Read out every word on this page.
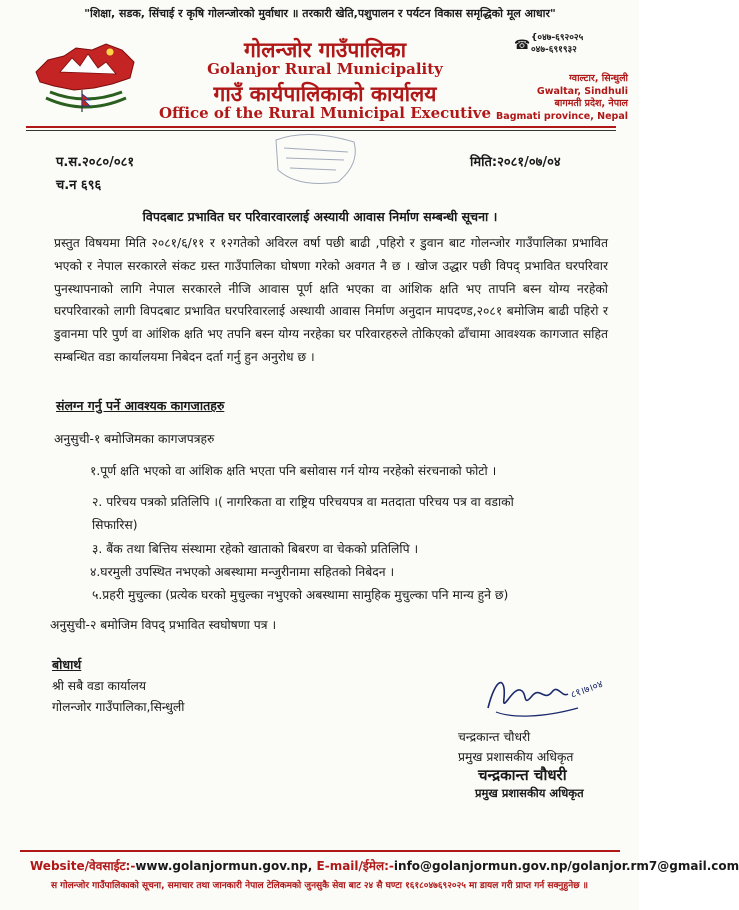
"शिक्षा, सडक, सिंचाई र कृषि गोलन्जोरको मुर्वाधार ॥ तरकारी खेति,पशुपालन र पर्यटन विकास समृद्धिको मूल आधार"
गोलन्जोर गाउँपालिका
Golanjor Rural Municipality
गाउँ कार्यपालिकाको कार्यालय
Office of the Rural Municipal Executive
☎ {०४७-६९२०२५
०४७-६९१९३२
ग्वाल्टार, सिन्धुली
Gwaltar, Sindhuli
बागमती प्रदेश, नेपाल
Bagmati province, Nepal
प.स.२०८०/०८१
च.न ६९६
मिति:२०८१/०७/०४
विपदबाट प्रभावित घर परिवारवारलाई अस्यायी आवास निर्माण सम्बन्धी सूचना ।
प्रस्तुत विषयमा मिति २०८१/६/११ र १२गतेको अविरल वर्षा पछी बाढी ,पहिरो र डुवान बाट गोलन्जोर गाउँपालिका प्रभावित भएको र नेपाल सरकारले संकट ग्रस्त गाउँपालिका घोषणा गरेको अवगत नै छ । खोज उद्धार पछी विपद् प्रभावित घरपरिवार पुनस्थापनाको लागि नेपाल सरकारले नीजि आवास पूर्ण क्षति भएका वा आंशिक क्षति भए तापनि बस्न योग्य नरहेको घरपरिवारको लागी विपदबाट प्रभावित घरपरिवारलाई अस्थायी आवास निर्माण अनुदान मापदण्ड,२०८१ बमोजिम बाढी पहिरो र डुवानमा परि पुर्ण वा आंशिक क्षति भए तपनि बस्न योग्य नरहेका घर परिवारहरुले तोकिएको ढाँचामा आवश्यक कागजात सहित सम्बन्धित वडा कार्यालयमा निबेदन दर्ता गर्नु हुन अनुरोध छ ।
संलग्न गर्नु पर्ने आवश्यक कागजातहरु
अनुसुची-१ बमोजिमका कागजपत्रहरु
१.पूर्ण क्षति भएको वा आंशिक क्षति भएता पनि बसोवास गर्न योग्य नरहेको संरचनाको फोटो ।
२. परिचय पत्रको प्रतिलिपि ।( नागरिकता वा राष्ट्रिय परिचयपत्र वा मतदाता परिचय पत्र वा वडाको
सिफारिस)
३. बैंक तथा बित्तिय संस्थामा रहेको खाताको बिबरण वा चेकको प्रतिलिपि ।
४.घरमुली उपस्थित नभएको अबस्थामा मन्जुरीनामा सहितको निबेदन ।
५.प्रहरी मुचुल्का (प्रत्येक घरको मुचुल्का नभुएको अबस्थामा सामुहिक मुचुल्का पनि मान्य हुने छ)
अनुसुची-२ बमोजिम विपद् प्रभावित स्वघोषणा पत्र ।
बोधार्थ
श्री सबै वडा कार्यालय
गोलन्जोर गाउँपालिका,सिन्धुली
८१।७।०४
चन्द्रकान्त चौधरी
प्रमुख प्रशासकीय अधिकृत
चन्द्रकान्त चौधरी
प्रमुख प्रशासकीय अधिकृत
Website/वेवसाईट:-www.golanjormun.gov.np, E-mail/ईमेल:-info@golanjormun.gov.np/golanjor.rm7@gmail.com
स गोलन्जोर गाउँपालिकाको सूचना, समाचार तथा जानकारी नेपाल टेलिकमको जुनसुकै सेवा बाट २४ सै घण्टा १६१८०४७६९२०२५ मा डायल गरी प्राप्त गर्न सक्नुहुनेछ ॥
